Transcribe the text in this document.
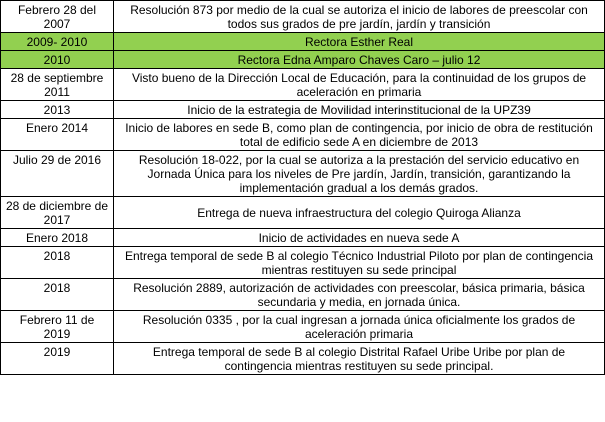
Febrero 28 del 2007	Resolución 873 por medio de la cual se autoriza el inicio de labores de preescolar con todos sus grados de pre jardín, jardín y transición
2009- 2010	Rectora Esther Real
2010	Rectora Edna Amparo Chaves Caro – julio 12
28 de septiembre 2011	Visto bueno de la Dirección Local de Educación, para la continuidad de los grupos de aceleración en primaria
2013	Inicio de la estrategia de Movilidad interinstitucional de la UPZ39
Enero 2014	Inicio de labores en sede B, como plan de contingencia, por inicio de obra de restitución total de edificio sede A en diciembre de 2013
Julio 29 de 2016	Resolución 18-022, por la cual se autoriza a la prestación del servicio educativo en Jornada Única para los niveles de Pre jardín, Jardín, transición, garantizando la implementación gradual a los demás grados.
28 de diciembre de 2017	Entrega de nueva infraestructura del colegio Quiroga Alianza
Enero 2018	Inicio de actividades en nueva sede A
2018	Entrega temporal de sede B al colegio Técnico Industrial Piloto por plan de contingencia mientras restituyen su sede principal
2018	Resolución 2889, autorización de actividades con preescolar, básica primaria, básica secundaria y media, en jornada única.
Febrero 11 de 2019	Resolución 0335 , por la cual ingresan a jornada única oficialmente los grados de aceleración primaria
2019	Entrega temporal de sede B al colegio Distrital Rafael Uribe Uribe por plan de contingencia mientras restituyen su sede principal.
